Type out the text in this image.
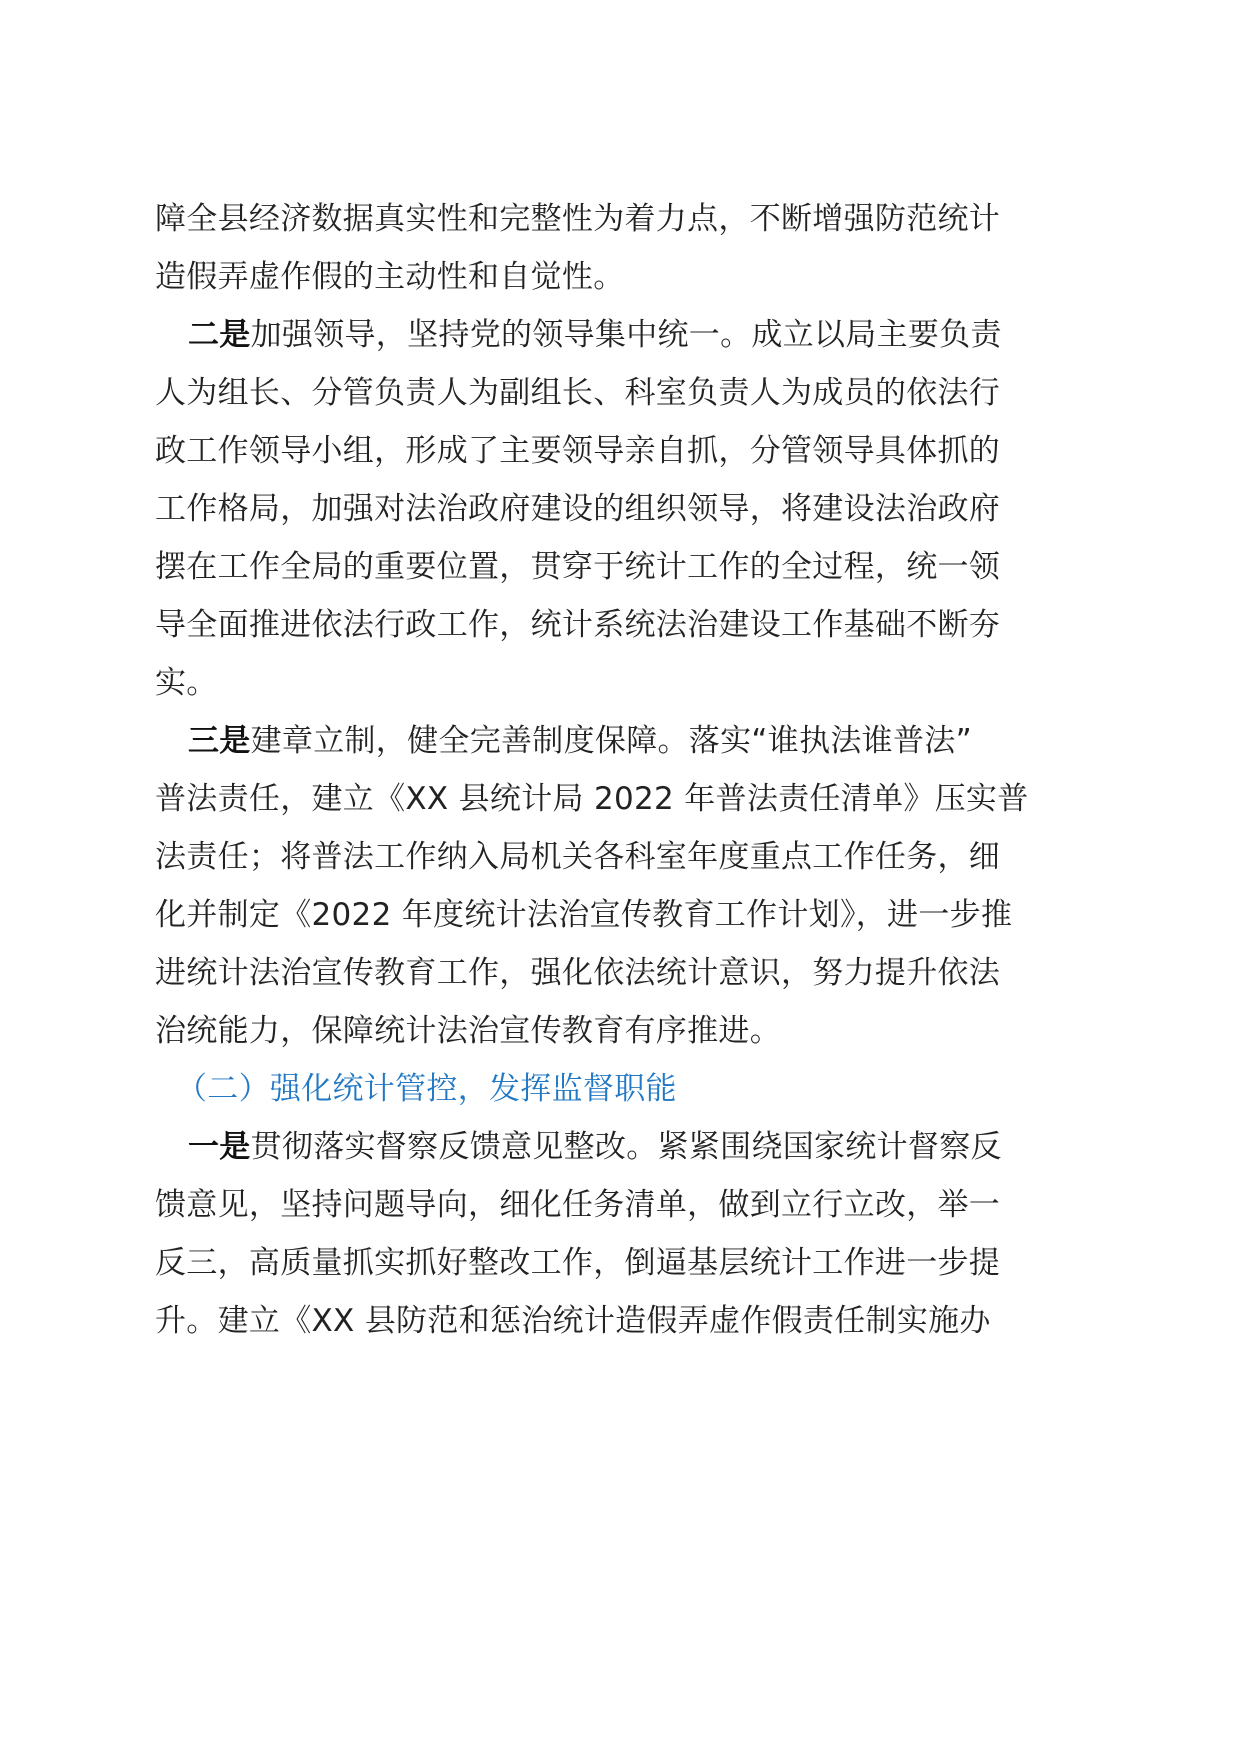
障全县经济数据真实性和完整性为着力点，不断增强防范统计
造假弄虚作假的主动性和自觉性。
二是加强领导，坚持党的领导集中统一。成立以局主要负责
人为组长、分管负责人为副组长、科室负责人为成员的依法行
政工作领导小组，形成了主要领导亲自抓，分管领导具体抓的
工作格局，加强对法治政府建设的组织领导，将建设法治政府
摆在工作全局的重要位置，贯穿于统计工作的全过程，统一领
导全面推进依法行政工作，统计系统法治建设工作基础不断夯
实。
三是建章立制，健全完善制度保障。落实“谁执法谁普法”
普法责任，建立《XX 县统计局 2022 年普法责任清单》压实普
法责任；将普法工作纳入局机关各科室年度重点工作任务，细
化并制定《2022 年度统计法治宣传教育工作计划》，进一步推
进统计法治宣传教育工作，强化依法统计意识，努力提升依法
治统能力，保障统计法治宣传教育有序推进。
（二）强化统计管控，发挥监督职能
一是贯彻落实督察反馈意见整改。紧紧围绕国家统计督察反
馈意见，坚持问题导向，细化任务清单，做到立行立改，举一
反三，高质量抓实抓好整改工作，倒逼基层统计工作进一步提
升。建立《XX 县防范和惩治统计造假弄虚作假责任制实施办
